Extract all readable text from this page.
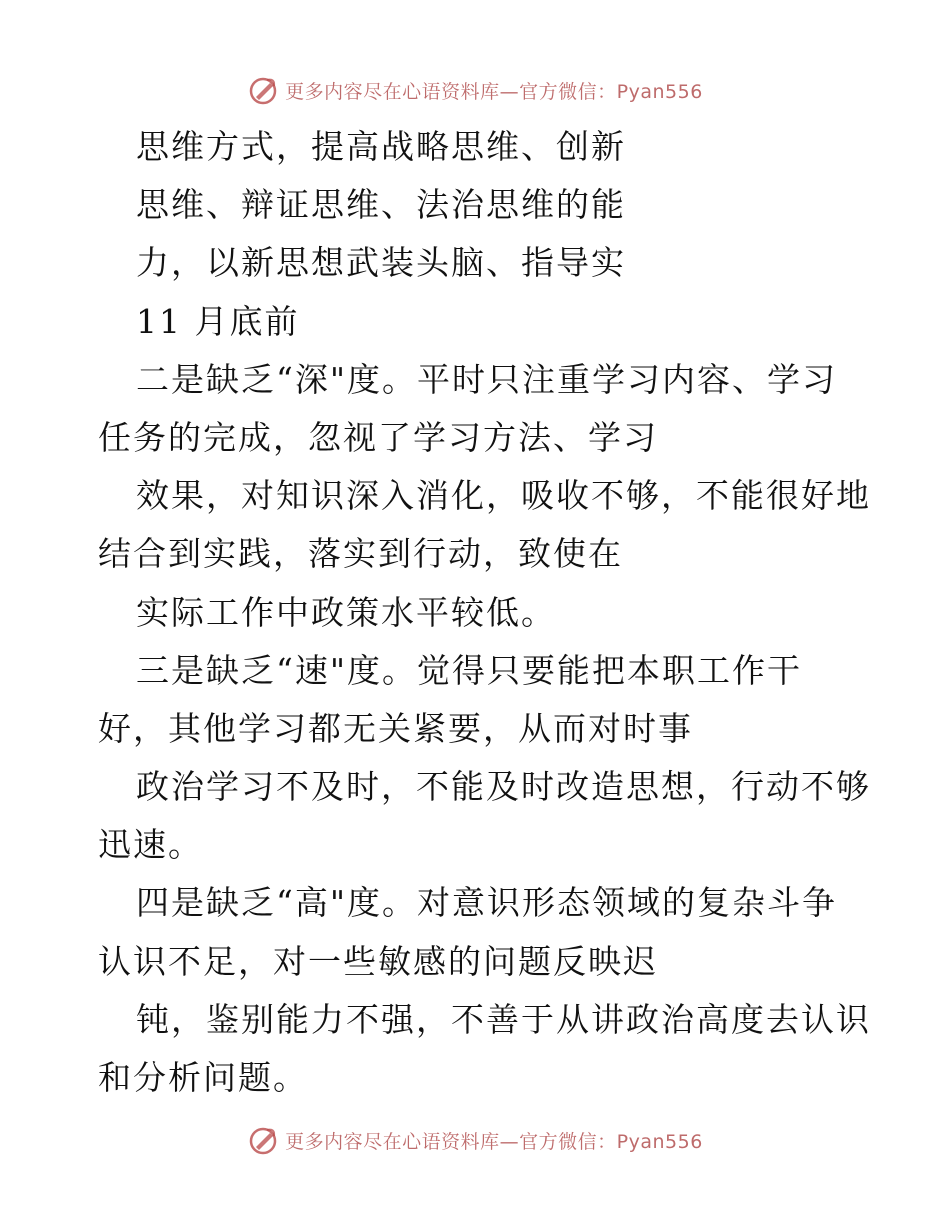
更多内容尽在心语资料库—官方微信：Pyan556
思维方式，提高战略思维、创新
思维、辩证思维、法治思维的能
力，以新思想武装头脑、指导实
11 月底前
二是缺乏“深"度。平时只注重学习内容、学习
任务的完成，忽视了学习方法、学习
效果，对知识深入消化，吸收不够，不能很好地
结合到实践，落实到行动，致使在
实际工作中政策水平较低。
三是缺乏“速"度。觉得只要能把本职工作干
好，其他学习都无关紧要，从而对时事
政治学习不及时，不能及时改造思想，行动不够
迅速。
四是缺乏“高"度。对意识形态领域的复杂斗争
认识不足，对一些敏感的问题反映迟
钝，鉴别能力不强，不善于从讲政治高度去认识
和分析问题。
更多内容尽在心语资料库—官方微信：Pyan556
